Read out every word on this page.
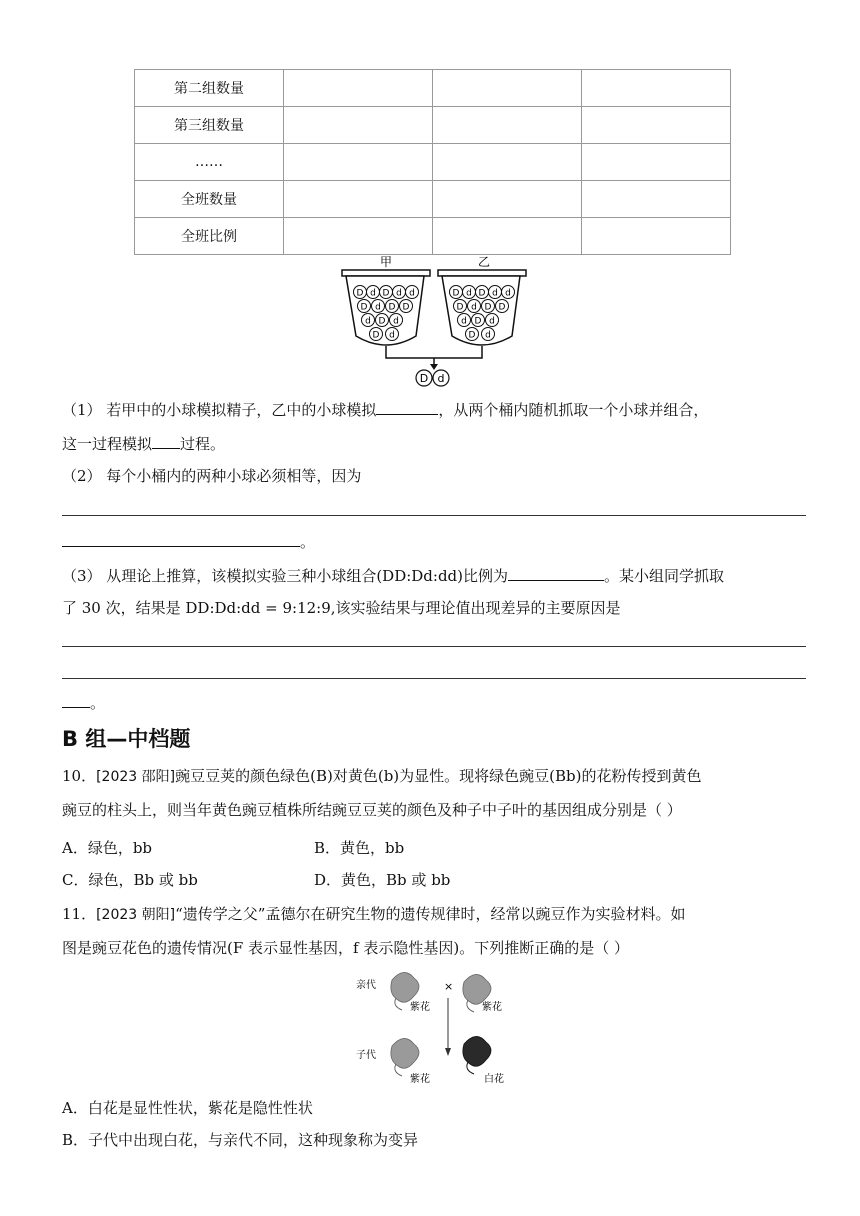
第二组数量			
第三组数量			
……			
全班数量			
全班比例			
甲	乙
D d D d d
D d D D
d D d
D d
D d D d d
D d D D
d D d
D d
D d
（1） 若甲中的小球模拟精子，乙中的小球模拟	，从两个桶内随机抓取一个小球并组合，
这一过程模拟 过程。
（2） 每个小桶内的两种小球必须相等，因为
。
（3） 从理论上推算，该模拟实验三种小球组合(DD:Dd:dd)比例为	。某小组同学抓取
了 30 次，结果是 DD:Dd:dd = 9:12:9,该实验结果与理论值出现差异的主要原因是
。
B 组—中档题
10．[2023 邵阳]豌豆豆荚的颜色绿色(B)对黄色(b)为显性。现将绿色豌豆(Bb)的花粉传授到黄色
豌豆的柱头上，则当年黄色豌豆植株所结豌豆豆荚的颜色及种子中子叶的基因组成分别是（ ）
A．绿色，bb	B．黄色，bb
C．绿色，Bb 或 bb	D．黄色，Bb 或 bb
11．[2023 朝阳]“遗传学之父”孟德尔在研究生物的遗传规律时，经常以豌豆作为实验材料。如
图是豌豆花色的遗传情况(F 表示显性基因，f 表示隐性基因)。下列推断正确的是（ ）
亲代
子代
紫花
×
紫花
紫花	白花
A．白花是显性性状，紫花是隐性性状
B．子代中出现白花，与亲代不同，这种现象称为变异
